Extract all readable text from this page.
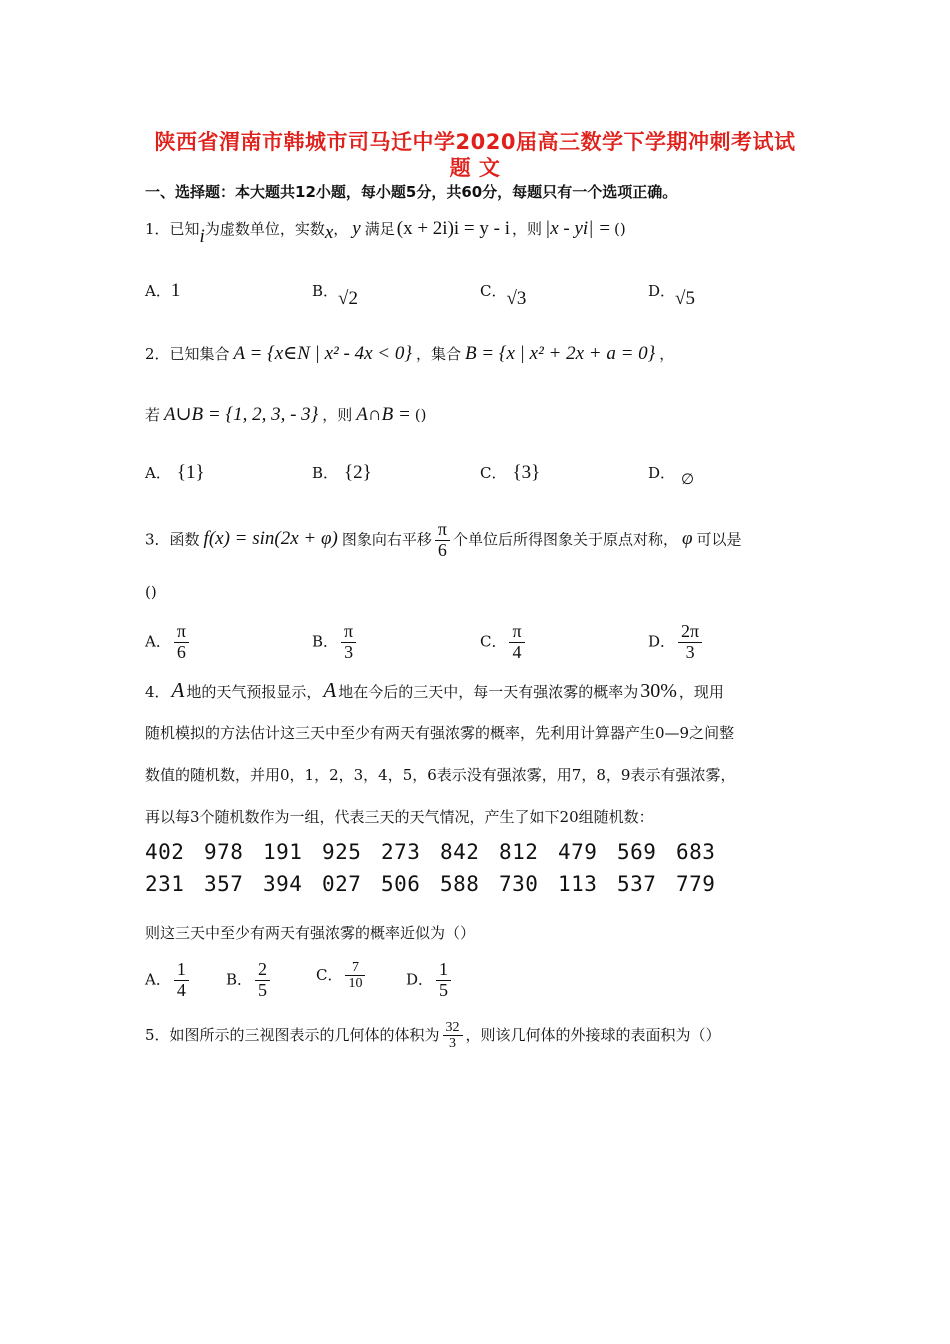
陕西省渭南市韩城市司马迁中学2020届高三数学下学期冲刺考试试
题 文
一、选择题：本大题共12小题，每小题5分，共60分，每题只有一个选项正确。
1．已知i为虚数单位，实数x， y 满足 (x + 2i)i = y - i ，则 |x - yi| = ()
A．1	B．√2	C．√3	D．√5
2．已知集合 A = {x∈N | x² - 4x < 0} ，集合 B = {x | x² + 2x + a = 0} ，
若 A∪B = {1, 2, 3, - 3} ，则 A∩B = ()
A． {1}	B． {2}	C． {3}	D． ∅
3．函数 f(x) = sin(2x + φ) 图象向右平移 $\frac{\pi}{6}$ 个单位后所得图象关于原点对称， φ 可以是
()
A． $\frac{\pi}{6}$	B． $\frac{\pi}{3}$	C． $\frac{\pi}{4}$	D． $\frac{2\pi}{3}$
4．A 地的天气预报显示，A 地在今后的三天中，每一天有强浓雾的概率为 30% ，现用
随机模拟的方法估计这三天中至少有两天有强浓雾的概率，先利用计算器产生0—9之间整
数值的随机数，并用0，1，2，3，4，5，6表示没有强浓雾，用7，8，9表示有强浓雾，
再以每3个随机数作为一组，代表三天的天气情况，产生了如下20组随机数：
402 978 191 925 273 842 812 479 569 683
231 357 394 027 506 588 730 113 537 779
则这三天中至少有两天有强浓雾的概率近似为（）
A． $\frac{1}{4}$ B． $\frac{2}{5}$	C． $\frac{7}{10}$	D． $\frac{1}{5}$
5．如图所示的三视图表示的几何体的体积为 $\frac{32}{3}$ ，则该几何体的外接球的表面积为（）
